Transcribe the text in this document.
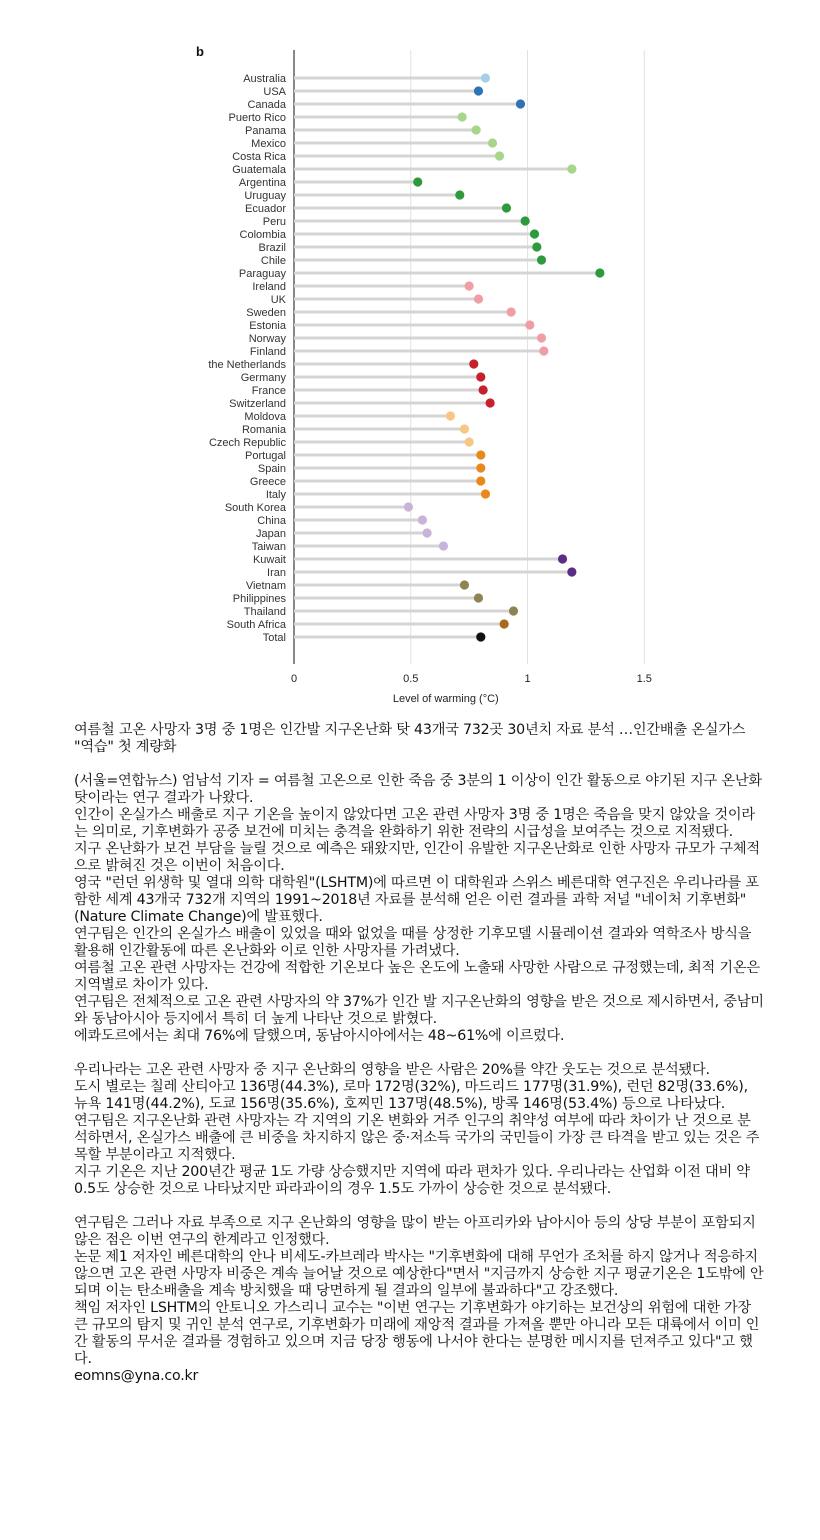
b
Australia
USA
Canada
Puerto Rico
Panama
Mexico
Costa Rica
Guatemala
Argentina
Uruguay
Ecuador
Peru
Colombia
Brazil
Chile
Paraguay
Ireland
UK
Sweden
Estonia
Norway
Finland
the Netherlands
Germany
France
Switzerland
Moldova
Romania
Czech Republic
Portugal
Spain
Greece
Italy
South Korea
China
Japan
Taiwan
Kuwait
Iran
Vietnam
Philippines
Thailand
South Africa
Total
0	0.5	1	1.5
Level of warming (°C)

여름철 고온 사망자 3명 중 1명은 인간발 지구온난화 탓 43개국 732곳 30년치 자료 분석 …인간배출 온실가스 "역습" 첫 계량화

(서울=연합뉴스) 엄남석 기자 = 여름철 고온으로 인한 죽음 중 3분의 1 이상이 인간 활동으로 야기된 지구 온난화 탓이라는 연구 결과가 나왔다.

인간이 온실가스 배출로 지구 기온을 높이지 않았다면 고온 관련 사망자 3명 중 1명은 죽음을 맞지 않았을 것이라는 의미로, 기후변화가 공중 보건에 미치는 충격을 완화하기 위한 전략의 시급성을 보여주는 것으로 지적됐다.

지구 온난화가 보건 부담을 늘릴 것으로 예측은 돼왔지만, 인간이 유발한 지구온난화로 인한 사망자 규모가 구체적으로 밝혀진 것은 이번이 처음이다.

영국 "런던 위생학 및 열대 의학 대학원"(LSHTM)에 따르면 이 대학원과 스위스 베른대학 연구진은 우리나라를 포함한 세계 43개국 732개 지역의 1991~2018년 자료를 분석해 얻은 이런 결과를 과학 저널 "네이처 기후변화"(Nature Climate Change)에 발표했다.

연구팀은 인간의 온실가스 배출이 있었을 때와 없었을 때를 상정한 기후모델 시뮬레이션 결과와 역학조사 방식을 활용해 인간활동에 따른 온난화와 이로 인한 사망자를 가려냈다.

여름철 고온 관련 사망자는 건강에 적합한 기온보다 높은 온도에 노출돼 사망한 사람으로 규정했는데, 최적 기온은 지역별로 차이가 있다.

연구팀은 전체적으로 고온 관련 사망자의 약 37%가 인간 발 지구온난화의 영향을 받은 것으로 제시하면서, 중남미와 동남아시아 등지에서 특히 더 높게 나타난 것으로 밝혔다.

에콰도르에서는 최대 76%에 달했으며, 동남아시아에서는 48~61%에 이르렀다.

우리나라는 고온 관련 사망자 중 지구 온난화의 영향을 받은 사람은 20%를 약간 웃도는 것으로 분석됐다.

도시 별로는 칠레 산티아고 136명(44.3%), 로마 172명(32%), 마드리드 177명(31.9%), 런던 82명(33.6%), 뉴욕 141명(44.2%), 도쿄 156명(35.6%), 호찌민 137명(48.5%), 방콕 146명(53.4%) 등으로 나타났다.

연구팀은 지구온난화 관련 사망자는 각 지역의 기온 변화와 거주 인구의 취약성 여부에 따라 차이가 난 것으로 분석하면서, 온실가스 배출에 큰 비중을 차지하지 않은 중·저소득 국가의 국민들이 가장 큰 타격을 받고 있는 것은 주목할 부분이라고 지적했다.

지구 기온은 지난 200년간 평균 1도 가량 상승했지만 지역에 따라 편차가 있다. 우리나라는 산업화 이전 대비 약 0.5도 상승한 것으로 나타났지만 파라과이의 경우 1.5도 가까이 상승한 것으로 분석됐다.

연구팀은 그러나 자료 부족으로 지구 온난화의 영향을 많이 받는 아프리카와 남아시아 등의 상당 부분이 포함되지 않은 점은 이번 연구의 한계라고 인정했다.

논문 제1 저자인 베른대학의 안나 비세도-카브레라 박사는 "기후변화에 대해 무언가 조처를 하지 않거나 적응하지 않으면 고온 관련 사망자 비중은 계속 늘어날 것으로 예상한다"면서 "지금까지 상승한 지구 평균기온은 1도밖에 안 되며 이는 탄소배출을 계속 방치했을 때 당면하게 될 결과의 일부에 불과하다"고 강조했다.

책임 저자인 LSHTM의 안토니오 가스리니 교수는 "이번 연구는 기후변화가 야기하는 보건상의 위험에 대한 가장 큰 규모의 탐지 및 귀인 분석 연구로, 기후변화가 미래에 재앙적 결과를 가져올 뿐만 아니라 모든 대륙에서 이미 인간 활동의 무서운 결과를 경험하고 있으며 지금 당장 행동에 나서야 한다는 분명한 메시지를 던져주고 있다"고 했다.

eomns@yna.co.kr
